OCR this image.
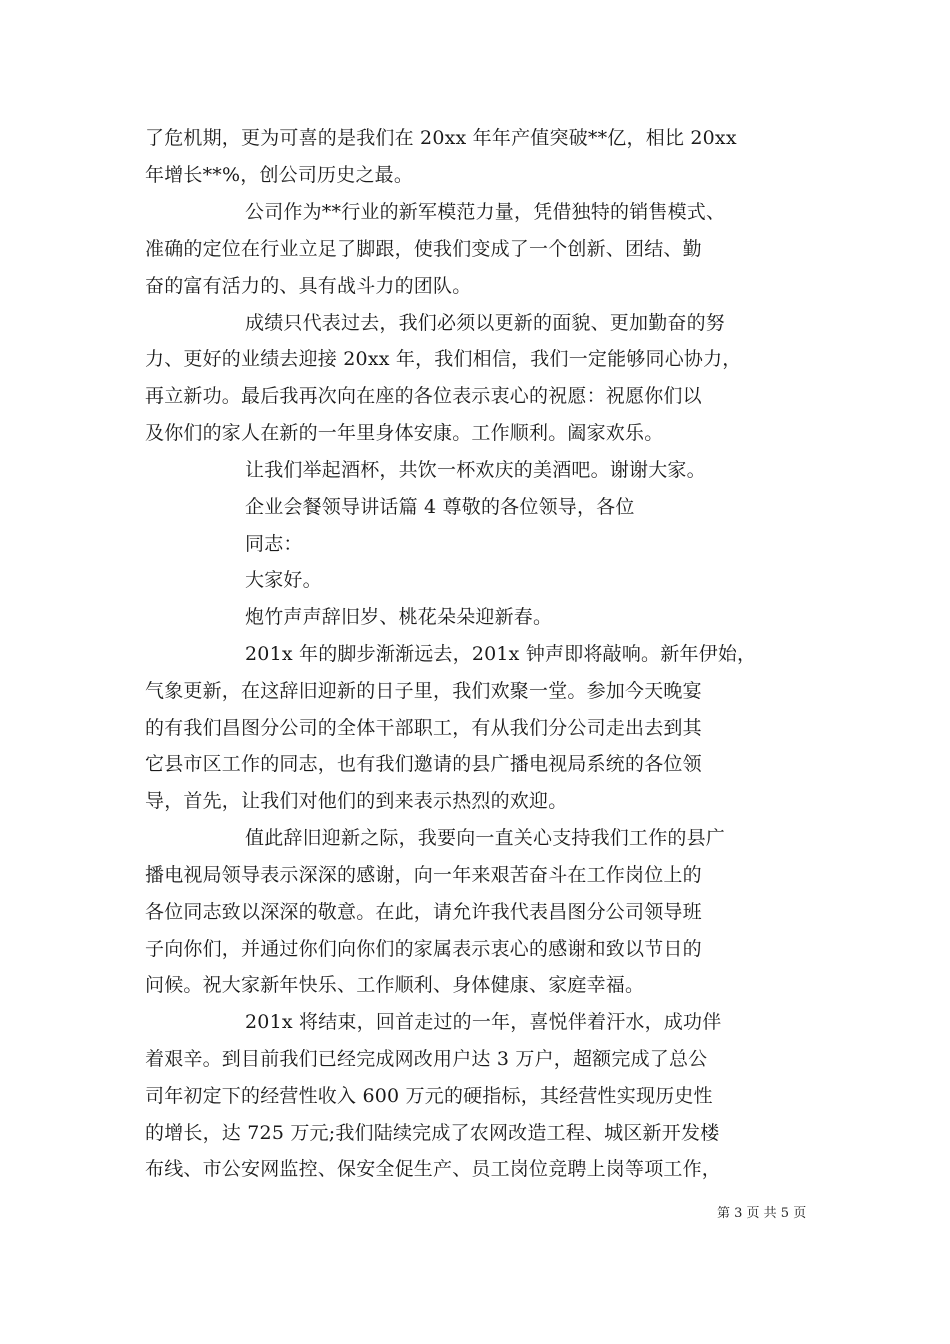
了危机期，更为可喜的是我们在 20xx 年年产值突破**亿，相比 20xx

年增长**%，创公司历史之最。

公司作为**行业的新军模范力量，凭借独特的销售模式、

准确的定位在行业立足了脚跟，使我们变成了一个创新、团结、勤

奋的富有活力的、具有战斗力的团队。

成绩只代表过去，我们必须以更新的面貌、更加勤奋的努

力、更好的业绩去迎接 20xx 年，我们相信，我们一定能够同心协力，

再立新功。最后我再次向在座的各位表示衷心的祝愿：祝愿你们以

及你们的家人在新的一年里身体安康。工作顺利。阖家欢乐。

让我们举起酒杯，共饮一杯欢庆的美酒吧。谢谢大家。

企业会餐领导讲话篇 4 尊敬的各位领导，各位

同志：

大家好。

炮竹声声辞旧岁、桃花朵朵迎新春。

201x 年的脚步渐渐远去，201x 钟声即将敲响。新年伊始，

气象更新，在这辞旧迎新的日子里，我们欢聚一堂。参加今天晚宴

的有我们昌图分公司的全体干部职工，有从我们分公司走出去到其

它县市区工作的同志，也有我们邀请的县广播电视局系统的各位领

导，首先，让我们对他们的到来表示热烈的欢迎。

值此辞旧迎新之际，我要向一直关心支持我们工作的县广

播电视局领导表示深深的感谢，向一年来艰苦奋斗在工作岗位上的

各位同志致以深深的敬意。在此，请允许我代表昌图分公司领导班

子向你们，并通过你们向你们的家属表示衷心的感谢和致以节日的

问候。祝大家新年快乐、工作顺利、身体健康、家庭幸福。

201x 将结束，回首走过的一年，喜悦伴着汗水，成功伴

着艰辛。到目前我们已经完成网改用户达 3 万户，超额完成了总公

司年初定下的经营性收入 600 万元的硬指标，其经营性实现历史性

的增长，达 725 万元;我们陆续完成了农网改造工程、城区新开发楼

布线、市公安网监控、保安全促生产、员工岗位竞聘上岗等项工作，

第 3 页 共 5 页
